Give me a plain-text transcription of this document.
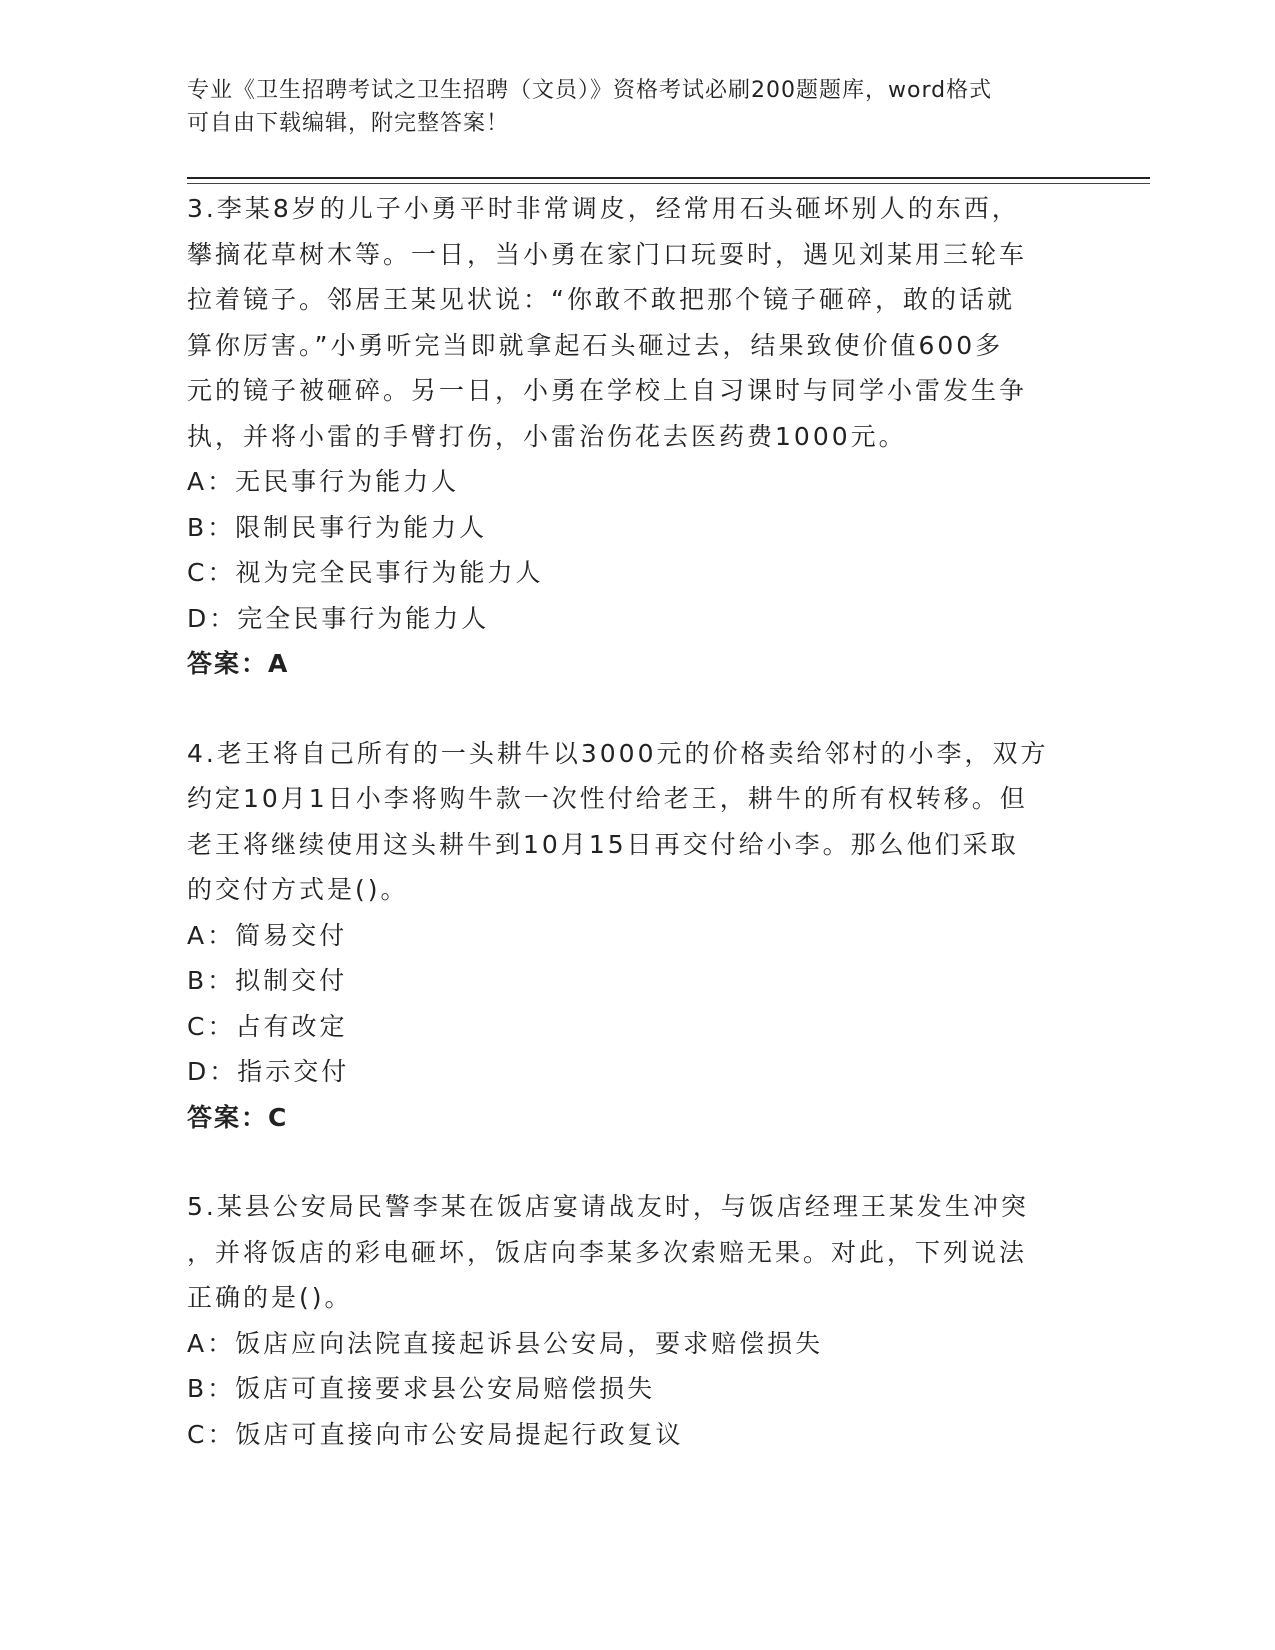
专业《卫生招聘考试之卫生招聘（文员）》资格考试必刷200题题库，word格式
可自由下载编辑，附完整答案！
3.李某8岁的儿子小勇平时非常调皮，经常用石头砸坏别人的东西，
攀摘花草树木等。一日，当小勇在家门口玩耍时，遇见刘某用三轮车
拉着镜子。邻居王某见状说：“你敢不敢把那个镜子砸碎，敢的话就
算你厉害。”小勇听完当即就拿起石头砸过去，结果致使价值600多
元的镜子被砸碎。另一日，小勇在学校上自习课时与同学小雷发生争
执，并将小雷的手臂打伤，小雷治伤花去医药费1000元。
A：无民事行为能力人
B：限制民事行为能力人
C：视为完全民事行为能力人
D：完全民事行为能力人
答案：A
4.老王将自己所有的一头耕牛以3000元的价格卖给邻村的小李，双方
约定10月1日小李将购牛款一次性付给老王，耕牛的所有权转移。但
老王将继续使用这头耕牛到10月15日再交付给小李。那么他们采取
的交付方式是()。
A：简易交付
B：拟制交付
C：占有改定
D：指示交付
答案：C
5.某县公安局民警李某在饭店宴请战友时，与饭店经理王某发生冲突
，并将饭店的彩电砸坏，饭店向李某多次索赔无果。对此，下列说法
正确的是()。
A：饭店应向法院直接起诉县公安局，要求赔偿损失
B：饭店可直接要求县公安局赔偿损失
C：饭店可直接向市公安局提起行政复议
